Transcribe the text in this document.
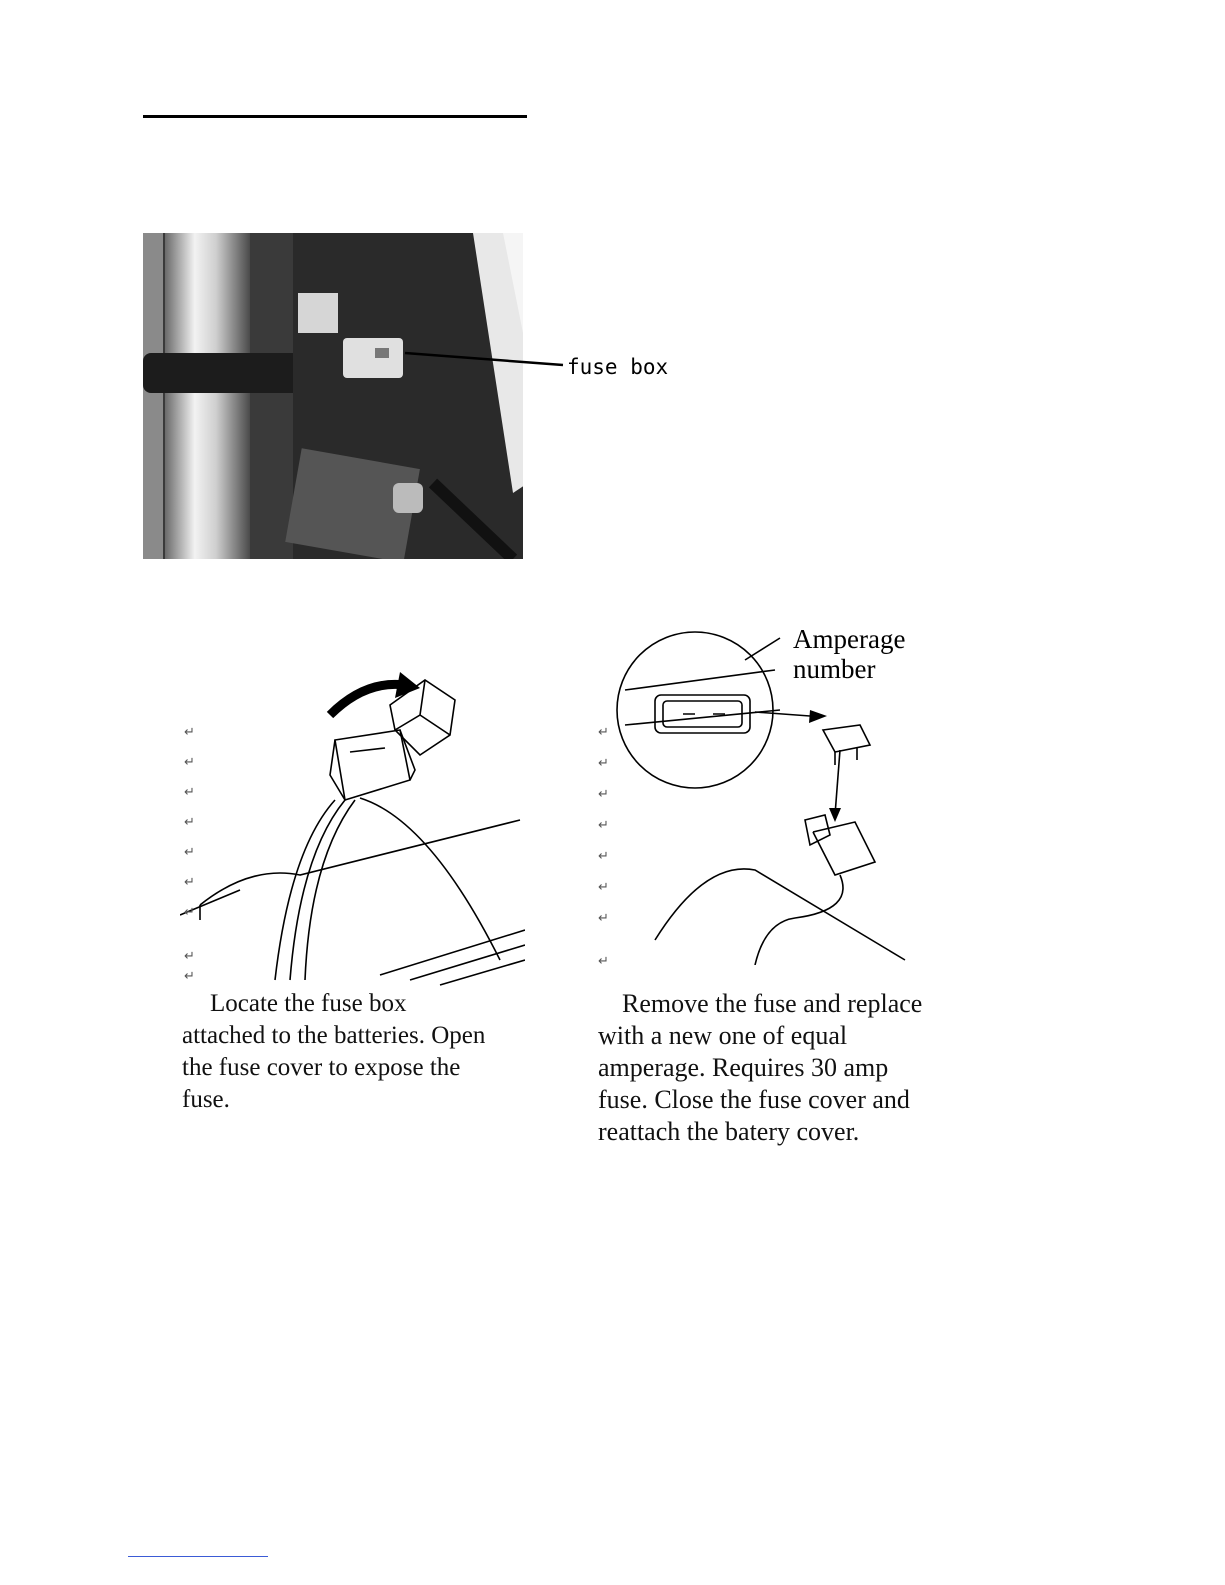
fuse box
Amperage
number
↵
↵
↵
↵
↵
↵
↵
↵
↵
↵
↵
↵
↵
↵
↵
↵
↵

Locate the fuse box
attached to the batteries. Open
the fuse cover to expose the
fuse.

Remove the fuse and replace
with a new one of equal
amperage. Requires 30 amp
fuse. Close the fuse cover and
reattach the batery cover.
